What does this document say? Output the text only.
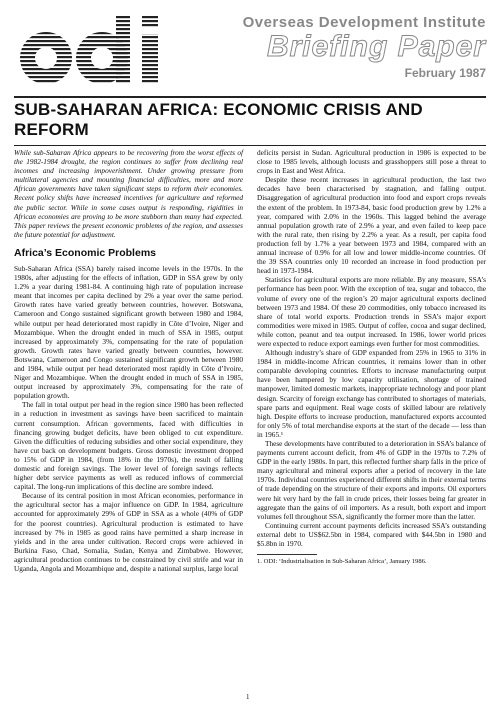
Overseas Development Institute
Briefing Paper
February 1987
SUB-SAHARAN AFRICA: ECONOMIC CRISIS AND REFORM

While sub-Saharan Africa appears to be recovering from the worst effects of the 1982-1984 drought, the region continues to suffer from declining real incomes and increasing impoverishment. Under growing pressure from multilateral agencies and mounting financial difficulties, more and more African governments have taken significant steps to reform their economies. Recent policy shifts have increased incentives for agriculture and reformed the public sector. While in some cases output is responding, rigidities in African economies are proving to be more stubborn than many had expected. This paper reviews the present economic problems of the region, and assesses the future potential for adjustment.

Africa’s Economic Problems

Sub-Saharan Africa (SSA) barely raised income levels in the 1970s. In the 1980s, after adjusting for the effects of inflation, GDP in SSA grew by only 1.2% a year during 1981-84. A continuing high rate of population increase meant that incomes per capita declined by 2% a year over the same period. Growth rates have varied greatly between countries, however. Botswana, Cameroon and Congo sustained significant growth between 1980 and 1984, while output per head deteriorated most rapidly in Côte d’Ivoire, Niger and Mozambique. When the drought ended in much of SSA in 1985, output increased by approximately 3%, compensating for the rate of population growth. Growth rates have varied greatly between countries, however. Botswana, Cameroon and Congo sustained significant growth between 1980 and 1984, while output per head deteriorated most rapidly in Côte d’Ivoire, Niger and Mozambique. When the drought ended in much of SSA in 1985, output increased by approximately 3%, compensating for the rate of population growth.

The fall in total output per head in the region since 1980 has been reflected in a reduction in investment as savings have been sacrificed to maintain current consumption. African governments, faced with difficulties in financing growing budget deficits, have been obliged to cut expenditure. Given the difficulties of reducing subsidies and other social expenditure, they have cut back on development budgets. Gross domestic investment dropped to 15% of GDP in 1984, (from 18% in the 1970s), the result of falling domestic and foreign savings. The lower level of foreign savings reflects higher debt service payments as well as reduced inflows of commercial capital. The long-run implications of this decline are sombre indeed.

Because of its central position in most African economies, performance in the agricultural sector has a major influence on GDP. In 1984, agriculture accounted for approximately 29% of GDP in SSA as a whole (40% of GDP for the poorest countries). Agricultural production is estimated to have increased by 7% in 1985 as good rains have permitted a sharp increase in yields and in the area under cultivation. Record crops were achieved in Burkina Faso, Chad, Somalia, Sudan, Kenya and Zimbabwe. However, agricultural production continues to be constrained by civil strife and war in Uganda, Angola and Mozambique and, despite a national surplus, large local

deficits persist in Sudan. Agricultural production in 1986 is expected to be close to 1985 levels, although locusts and grasshoppers still pose a threat to crops in East and West Africa.

Despite these recent increases in agricultural production, the last two decades have been characterised by stagnation, and falling output. Disaggregation of agricultural production into food and export crops reveals the extent of the problem. In 1973-84, basic food production grew by 1.2% a year, compared with 2.0% in the 1960s. This lagged behind the average annual population growth rate of 2.9% a year, and even failed to keep pace with the rural rate, then rising by 2.2% a year. As a result, per capita food production fell by 1.7% a year between 1973 and 1984, compared with an annual increase of 0.9% for all low and lower middle-income countries. Of the 39 SSA countries only 10 recorded an increase in food production per head in 1973-1984.

Statistics for agricultural exports are more reliable. By any measure, SSA’s performance has been poor. With the exception of tea, sugar and tobacco, the volume of every one of the region’s 20 major agricultural exports declined between 1973 and 1984. Of these 20 commodities, only tobacco increased its share of total world exports. Production trends in SSA’s major export commodities were mixed in 1985. Output of coffee, cocoa and sugar declined, while cotton, peanut and tea output increased. In 1986, lower world prices were expected to reduce export earnings even further for most commodities.

Although industry’s share of GDP expanded from 25% in 1965 to 31% in 1984 in middle-income African countries, it remains lower than in other comparable developing countries. Efforts to increase manufacturing output have been hampered by low capacity utilisation, shortage of trained manpower, limited domestic markets, inappropriate technology and poor plant design. Scarcity of foreign exchange has contributed to shortages of materials, spare parts and equipment. Real wage costs of skilled labour are relatively high. Despite efforts to increase production, manufactured exports accounted for only 5% of total merchandise exports at the start of the decade — less than in 1965.¹

These developments have contributed to a deterioration in SSA’s balance of payments current account deficit, from 4% of GDP in the 1970s to 7.2% of GDP in the early 1980s. In part, this reflected further sharp falls in the price of many agricultural and mineral exports after a period of recovery in the late 1970s. Individual countries experienced different shifts in their external terms of trade depending on the structure of their exports and imports. Oil exporters were hit very hard by the fall in crude prices, their losses being far greater in aggregate than the gains of oil importers. As a result, both export and import volumes fell throughout SSA, significantly the former more than the latter.

Continuing current account payments deficits increased SSA’s outstanding external debt to US$62.5bn in 1984, compared with $44.5bn in 1980 and $5.8bn in 1970.

1. ODI: ‘Industrialisation in Sub-Saharan Africa’, January 1986.

1
